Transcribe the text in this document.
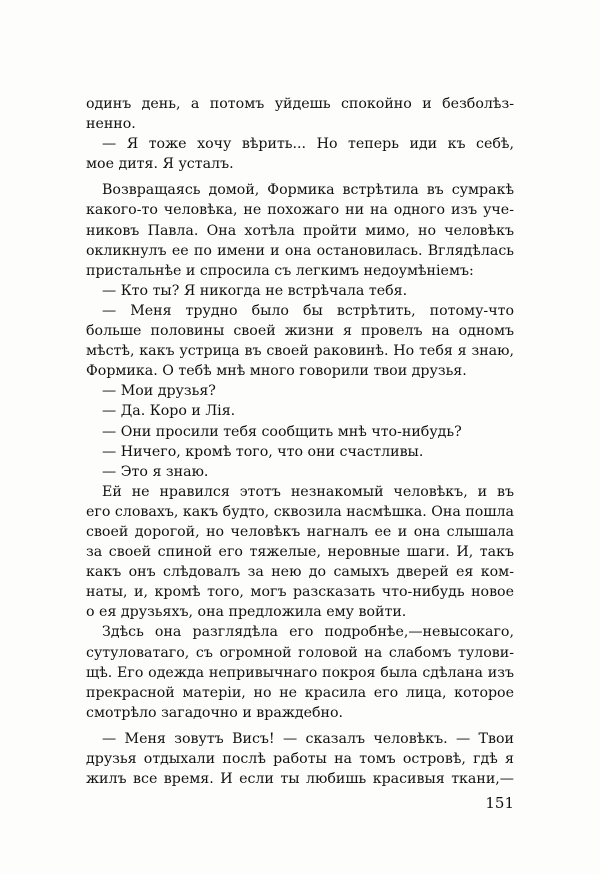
одинъ день, а потомъ уйдешь спокойно и безболѣз-
ненно.
— Я тоже хочу вѣрить... Но теперь иди къ себѣ,
мое дитя. Я усталъ.
Возвращаясь домой, Формика встрѣтила въ сумракѣ
какого-то человѣка, не похожаго ни на одного изъ уче-
никовъ Павла. Она хотѣла пройти мимо, но человѣкъ
окликнулъ ее по имени и она остановилась. Вглядѣлась
пристальнѣе и спросила съ легкимъ недоумѣніемъ:
— Кто ты? Я никогда не встрѣчала тебя.
— Меня трудно было бы встрѣтить, потому-что
больше половины своей жизни я провелъ на одномъ
мѣстѣ, какъ устрица въ своей раковинѣ. Но тебя я знаю,
Формика. О тебѣ мнѣ много говорили твои друзья.
— Мои друзья?
— Да. Коро и Лія.
— Они просили тебя сообщить мнѣ что-нибудь?
— Ничего, кромѣ того, что они счастливы.
— Это я знаю.
Ей не нравился этотъ незнакомый человѣкъ, и въ
его словахъ, какъ будто, сквозила насмѣшка. Она пошла
своей дорогой, но человѣкъ нагналъ ее и она слышала
за своей спиной его тяжелые, неровные шаги. И, такъ
какъ онъ слѣдовалъ за нею до самыхъ дверей ея ком-
наты, и, кромѣ того, могъ разсказать что-нибудь новое
о ея друзьяхъ, она предложила ему войти.
Здѣсь она разглядѣла его подробнѣе,—невысокаго,
сутуловатаго, съ огромной головой на слабомъ тулови-
щѣ. Его одежда непривычнаго покроя была сдѣлана изъ
прекрасной матеріи, но не красила его лица, которое
смотрѣло загадочно и враждебно.
— Меня зовутъ Висъ! — сказалъ человѣкъ. — Твои
друзья отдыхали послѣ работы на томъ островѣ, гдѣ я
жилъ все время. И если ты любишь красивыя ткани,—
151
